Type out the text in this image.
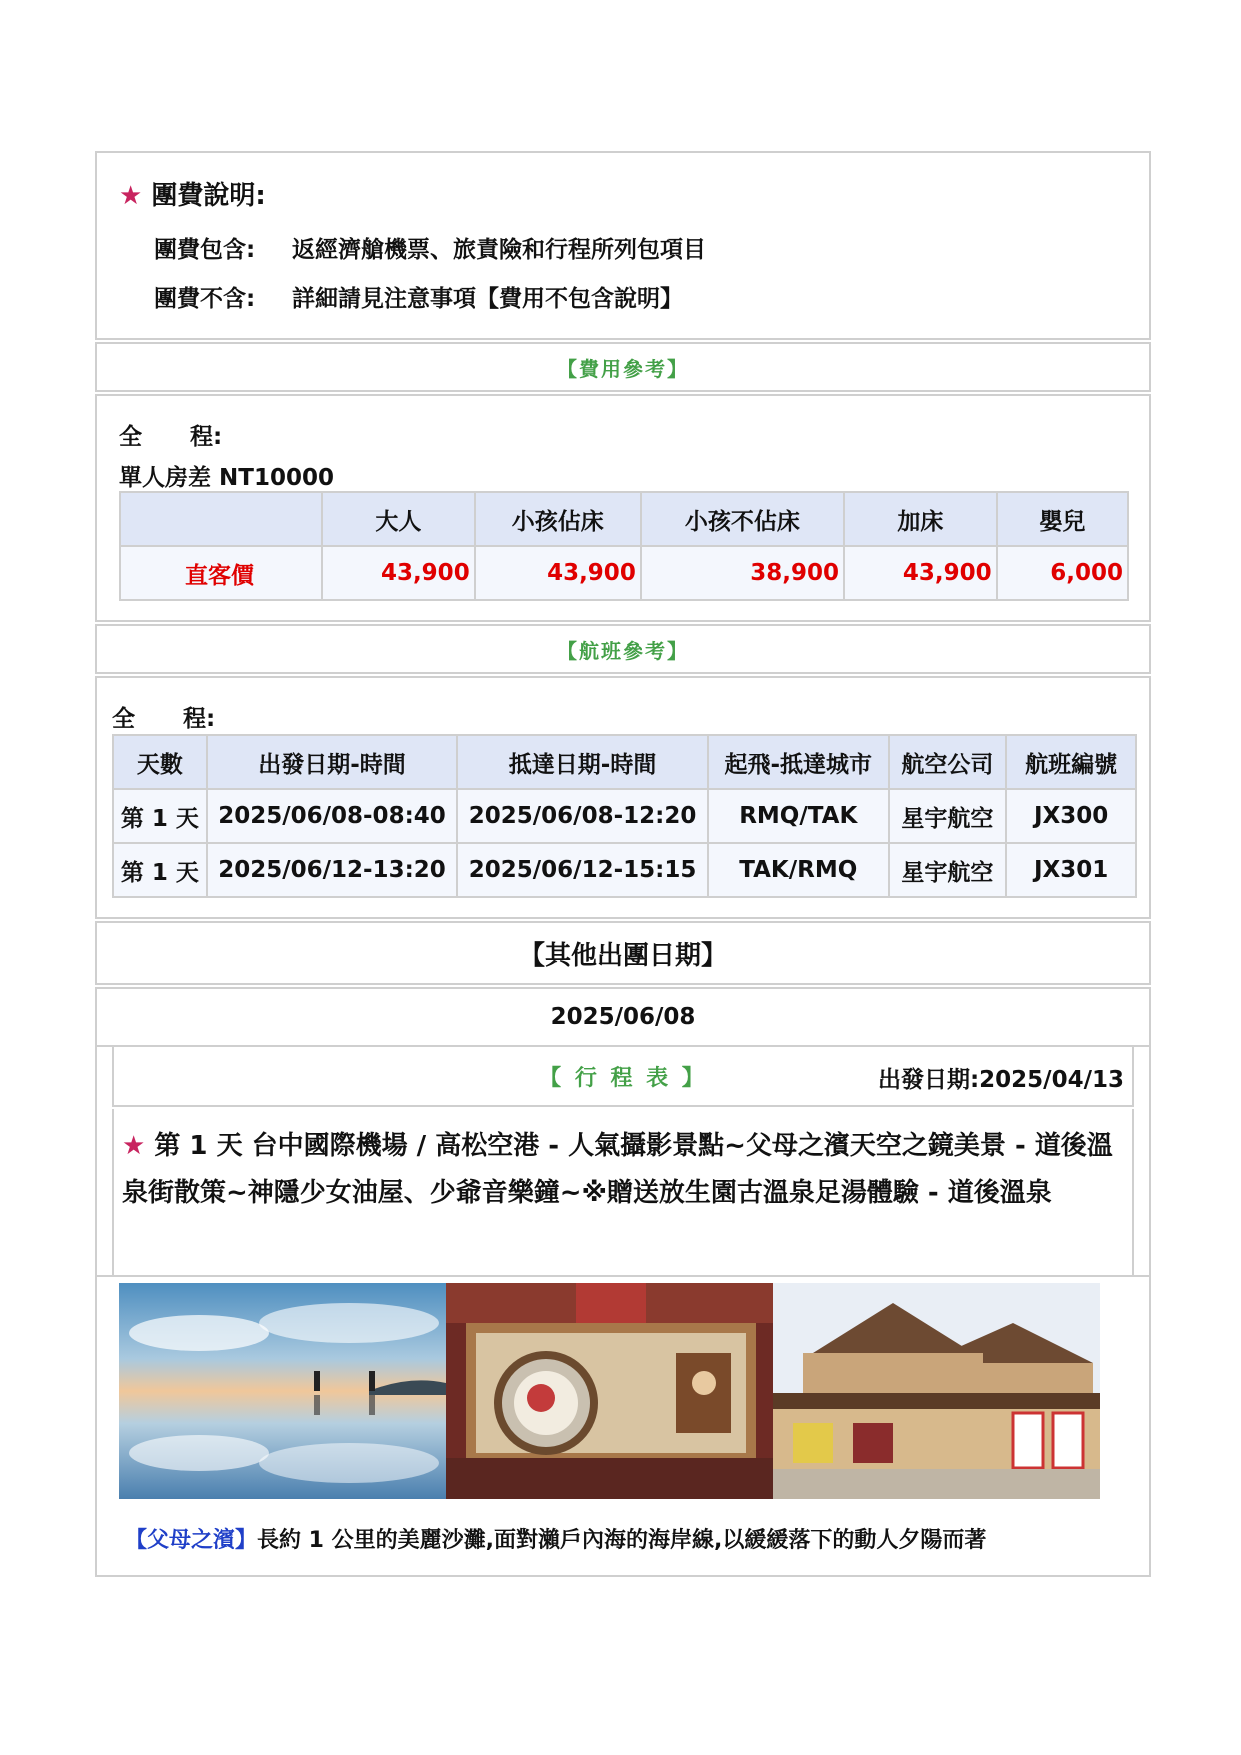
★ 團費說明:
團費包含:	返經濟艙機票、旅責險和行程所列包項目
團費不含:	詳細請見注意事項【費用不包含說明】
【費用參考】
全 程:
單人房差 NT10000
	大人	小孩佔床	小孩不佔床	加床	嬰兒
直客價	43,900	43,900	38,900	43,900	6,000
【航班參考】
全 程:
天數	出發日期-時間	抵達日期-時間	起飛-抵達城市	航空公司	航班編號
第 1 天	2025/06/08-08:40	2025/06/08-12:20	RMQ/TAK	星宇航空	JX300
第 1 天	2025/06/12-13:20	2025/06/12-15:15	TAK/RMQ	星宇航空	JX301
【其他出團日期】
2025/06/08
【 行 程 表 】	出發日期:2025/04/13
★ 第 1 天 台中國際機場 / 高松空港 - 人氣攝影景點~父母之濱天空之鏡美景 - 道後溫泉街散策~神隱少女油屋、少爺音樂鐘~※贈送放生園古溫泉足湯體驗 - 道後溫泉
【父母之濱】長約 1 公里的美麗沙灘,面對瀨戶內海的海岸線,以緩緩落下的動人夕陽而著
